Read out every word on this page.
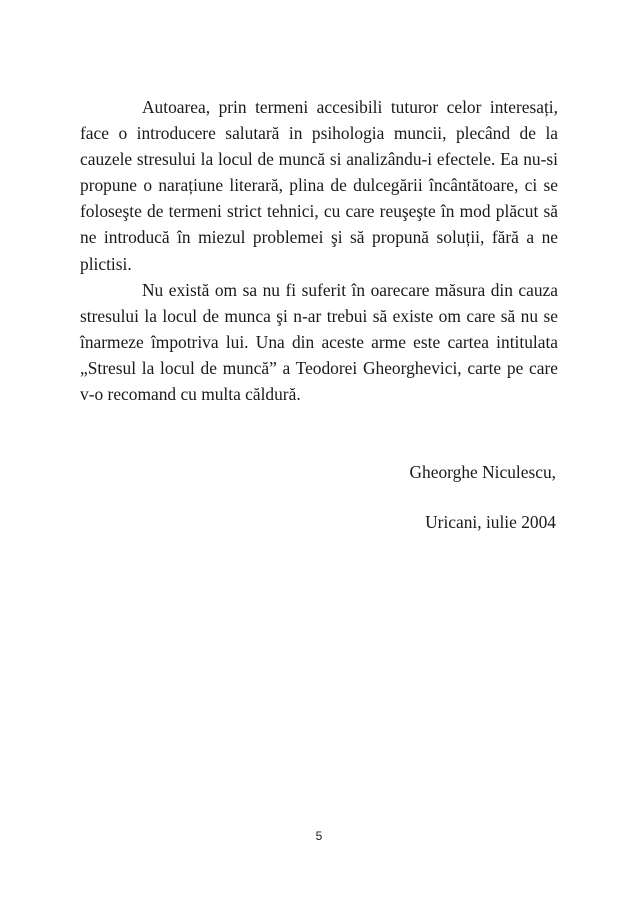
Autoarea, prin termeni accesibili tuturor celor interesați, face o introducere salutară in psihologia muncii, plecând de la cauzele stresului la locul de muncă si analizându-i efectele. Ea nu-si propune o narațiune literară, plina de dulcegării încântătoare, ci se foloseşte de termeni strict tehnici, cu care reuşeşte în mod plăcut să ne introducă în miezul problemei şi să propună soluții, fără a ne plictisi.

Nu există om sa nu fi suferit în oarecare măsura din cauza stresului la locul de munca şi n-ar trebui să existe om care să nu se înarmeze împotriva lui. Una din aceste arme este cartea intitulata „Stresul la locul de muncă” a Teodorei Gheorghevici, carte pe care v-o recomand cu multa căldură.

Gheorghe Niculescu,
Uricani, iulie 2004
5
